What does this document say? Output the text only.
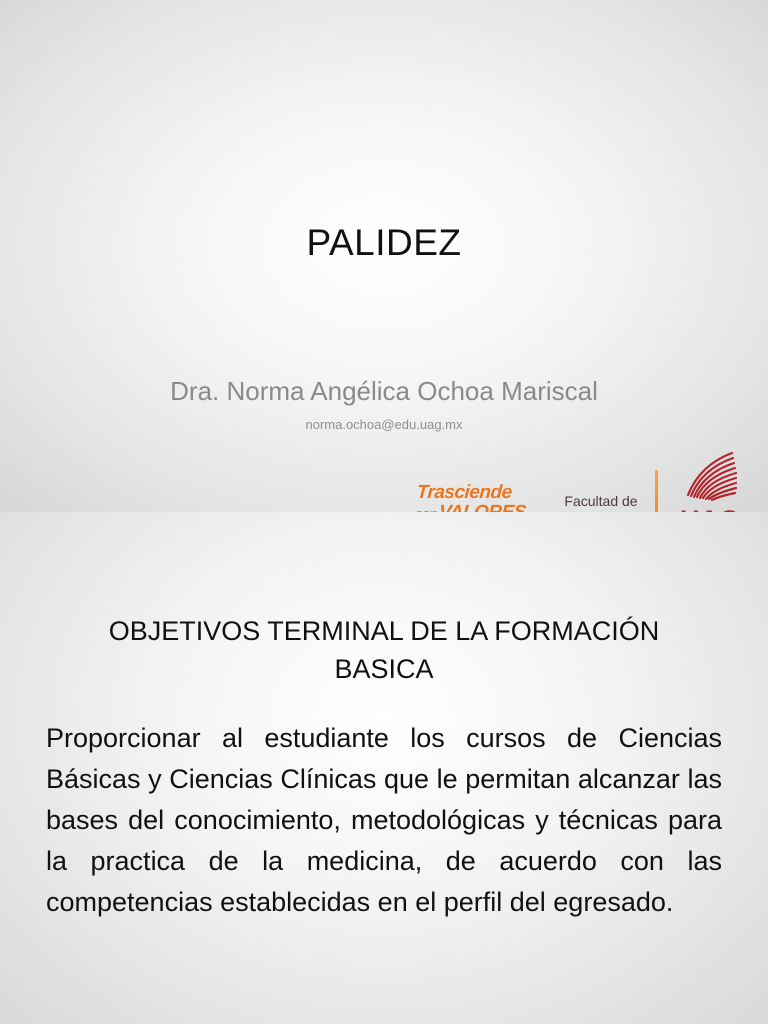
PALIDEZ
Dra. Norma Angélica Ochoa Mariscal
norma.ochoa@edu.uag.mx
Trasciende	Facultad de
OBJETIVOS TERMINAL DE LA FORMACIÓN
BASICA
Proporcionar al estudiante los cursos de Ciencias Básicas y Ciencias Clínicas que le permitan alcanzar las bases del conocimiento, metodológicas y técnicas para la practica de la medicina, de acuerdo con las competencias establecidas en el perfil del egresado.
